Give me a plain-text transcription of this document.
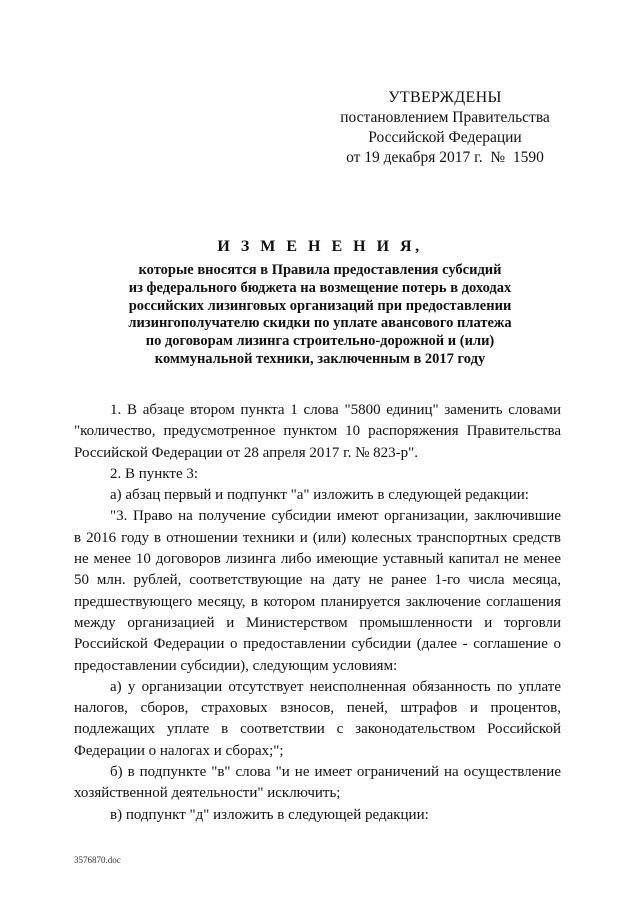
УТВЕРЖДЕНЫ
постановлением Правительства
Российской Федерации
от 19 декабря 2017 г.  №  1590
И З М Е Н Е Н И Я,
которые вносятся в Правила предоставления субсидий
из федерального бюджета на возмещение потерь в доходах
российских лизинговых организаций при предоставлении
лизингополучателю скидки по уплате авансового платежа
по договорам лизинга строительно-дорожной и (или)
коммунальной техники, заключенным в 2017 году
1. В абзаце втором пункта 1 слова "5800 единиц" заменить словами
"количество, предусмотренное пунктом 10 распоряжения Правительства
Российской Федерации от 28 апреля 2017 г. № 823-р".
2. В пункте 3:
а) абзац первый и подпункт "а" изложить в следующей редакции:
"3. Право на получение субсидии имеют организации, заключившие
в 2016 году в отношении техники и (или) колесных транспортных средств
не менее 10 договоров лизинга либо имеющие уставный капитал не менее
50 млн. рублей, соответствующие на дату не ранее 1-го числа месяца,
предшествующего месяцу, в котором планируется заключение соглашения
между организацией и Министерством промышленности и торговли
Российской Федерации о предоставлении субсидии (далее - соглашение о
предоставлении субсидии), следующим условиям:
а) у организации отсутствует неисполненная обязанность по уплате
налогов, сборов, страховых взносов, пеней, штрафов и процентов,
подлежащих уплате в соответствии с законодательством Российской
Федерации о налогах и сборах;";
б) в подпункте "в" слова "и не имеет ограничений на осуществление
хозяйственной деятельности" исключить;
в) подпункт "д" изложить в следующей редакции:
3576870.doc
